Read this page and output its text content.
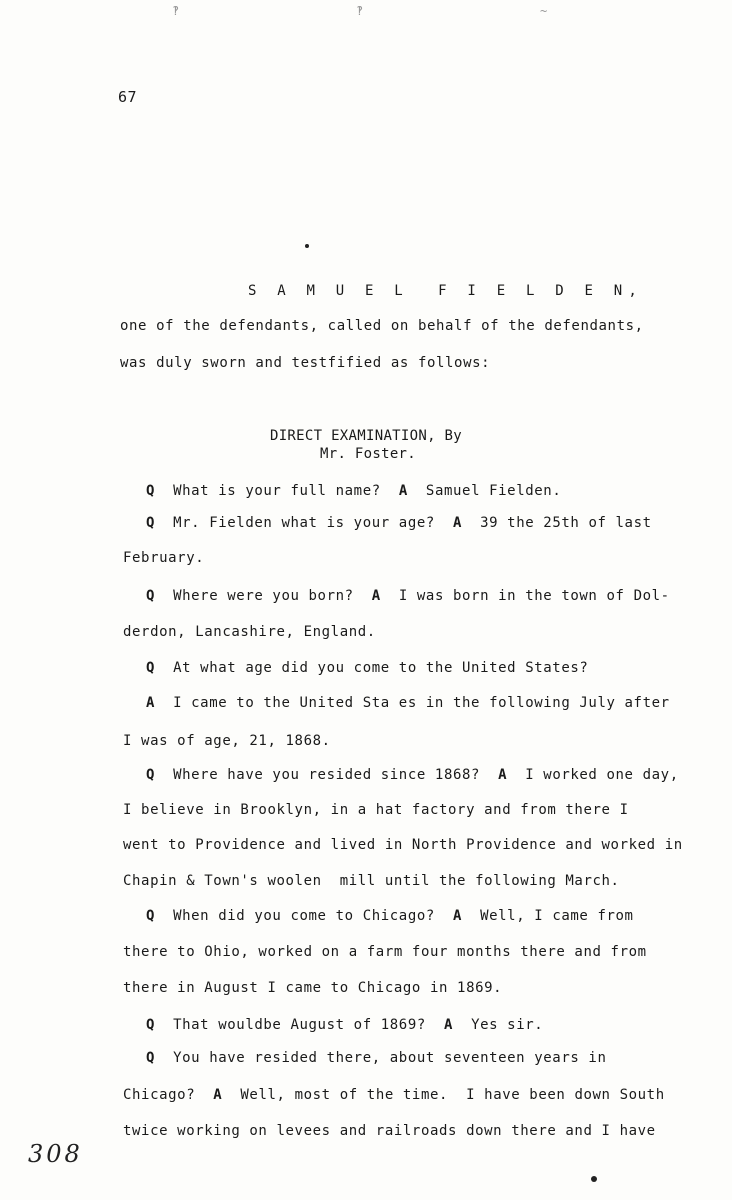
‽	‽	~
67
S A M U E L  F I E L D E N,
one of the defendants, called on behalf of the defendants,
was duly sworn and testfified as follows:
DIRECT EXAMINATION, By
Mr. Foster.
Q What is your full name? A Samuel Fielden.
Q Mr. Fielden what is your age? A 39 the 25th of last
February.
Q Where were you born? A I was born in the town of Dol-
derdon, Lancashire, England.
Q At what age did you come to the United States?
A I came to the United Sta es in the following July after
I was of age, 21, 1868.
Q Where have you resided since 1868? A I worked one day,
I believe in Brooklyn, in a hat factory and from there I
went to Providence and lived in North Providence and worked in
Chapin & Town's woolen  mill until the following March.
Q When did you come to Chicago? A Well, I came from
there to Ohio, worked on a farm four months there and from
there in August I came to Chicago in 1869.
Q That wouldbe August of 1869? A Yes sir.
Q You have resided there, about seventeen years in
Chicago? A Well, most of the time.  I have been down South
twice working on levees and railroads down there and I have
308
